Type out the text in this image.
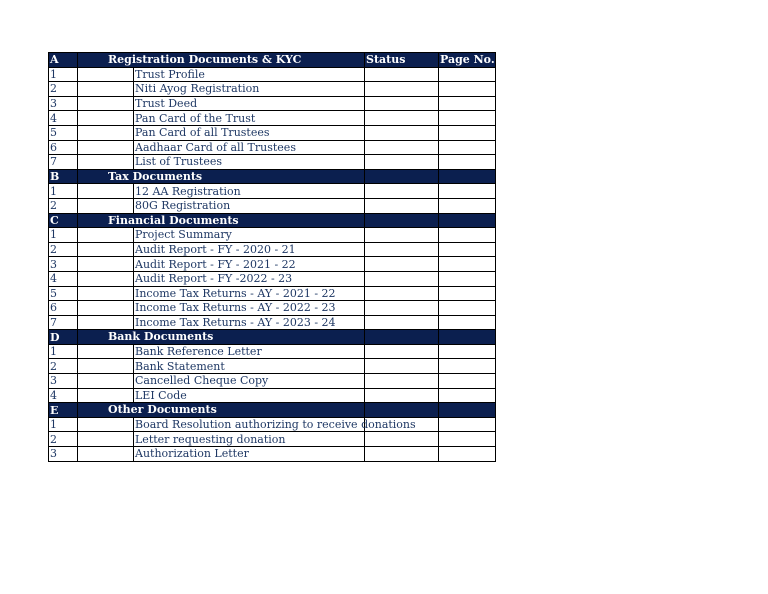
A	Registration Documents & KYC		Status	Page No.
1		Trust Profile		
2		Niti Ayog Registration		
3		Trust Deed		
4		Pan Card of the Trust		
5		Pan Card of all Trustees		
6		Aadhaar Card of all Trustees		
7		List of Trustees		
B	Tax Documents			

1		12 AA Registration		
2		80G Registration		
C	Financial Documents			

1		Project Summary		
2		Audit Report - FY - 2020 - 21		
3		Audit Report - FY - 2021 - 22		
4		Audit Report - FY -2022 - 23		
5		Income Tax Returns - AY - 2021 - 22		
6		Income Tax Returns - AY - 2022 - 23		
7		Income Tax Returns - AY - 2023 - 24		
D	Bank Documents			

1		Bank Reference Letter		
2		Bank Statement		
3		Cancelled Cheque Copy		
4		LEI Code		
E	Other Documents			

1		Board Resolution authorizing to receive donations		
2		Letter requesting donation		
3		Authorization Letter		
